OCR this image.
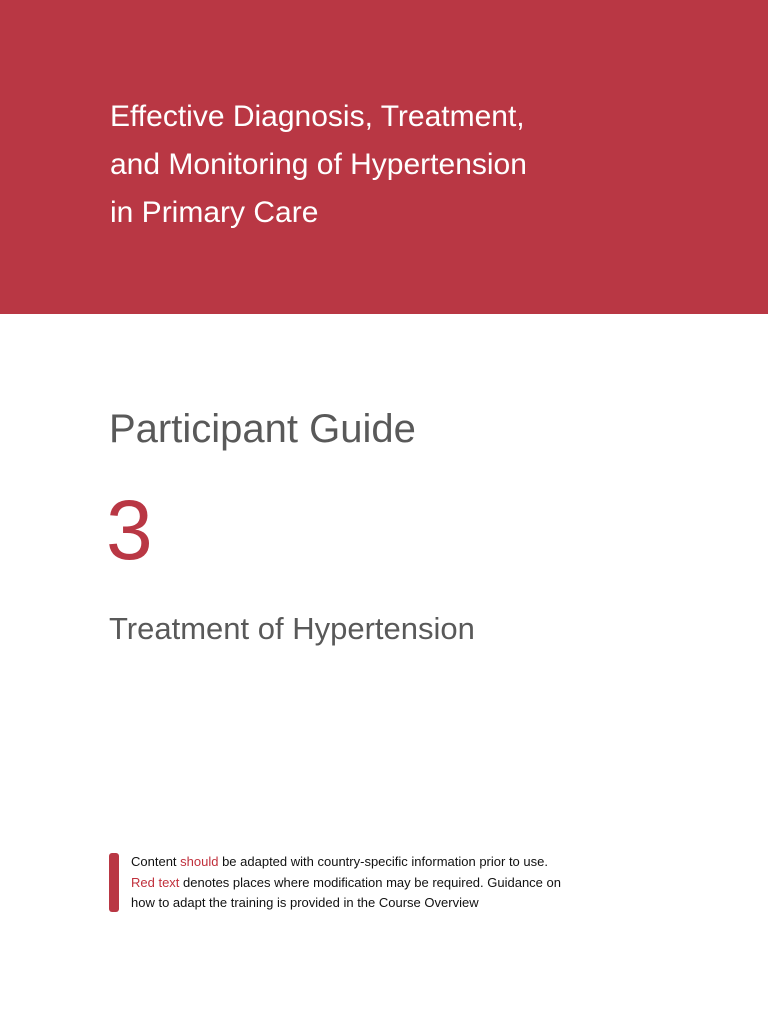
Effective Diagnosis, Treatment,
and Monitoring of Hypertension
in Primary Care
Participant Guide
3
Treatment of Hypertension

Content should be adapted with country-specific information prior to use.
Red text denotes places where modification may be required. Guidance on
how to adapt the training is provided in the Course Overview
